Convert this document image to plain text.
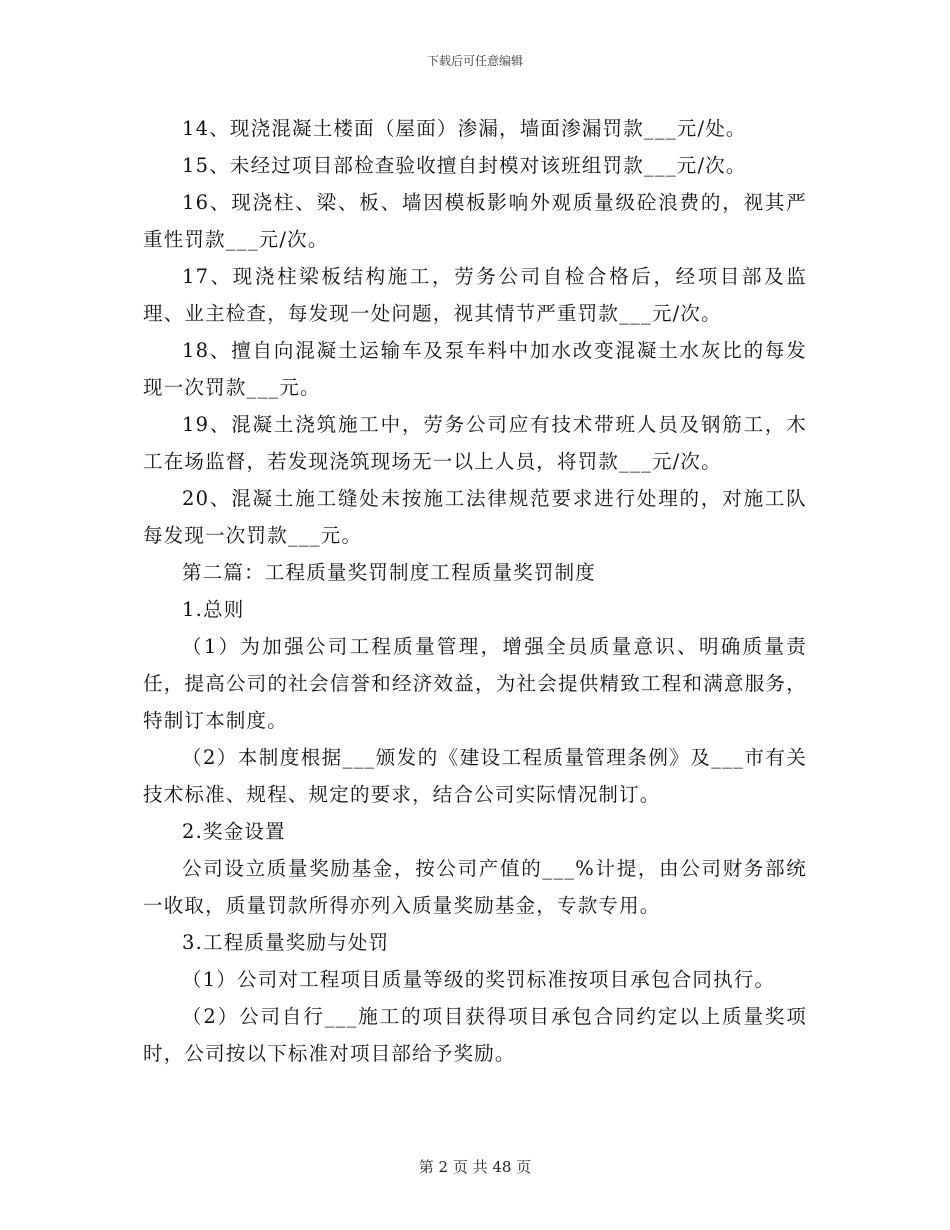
下载后可任意编辑

14、现浇混凝土楼面（屋面）渗漏，墙面渗漏罚款___元/处。

15、未经过项目部检查验收擅自封模对该班组罚款___元/次。

16、现浇柱、梁、板、墙因模板影响外观质量级砼浪费的，视其严重性罚款___元/次。

17、现浇柱梁板结构施工，劳务公司自检合格后，经项目部及监理、业主检查，每发现一处问题，视其情节严重罚款___元/次。

18、擅自向混凝土运输车及泵车料中加水改变混凝土水灰比的每发现一次罚款___元。

19、混凝土浇筑施工中，劳务公司应有技术带班人员及钢筋工，木工在场监督，若发现浇筑现场无一以上人员，将罚款___元/次。

20、混凝土施工缝处未按施工法律规范要求进行处理的，对施工队每发现一次罚款___元。

第二篇：工程质量奖罚制度工程质量奖罚制度

1.总则

（1）为加强公司工程质量管理，增强全员质量意识、明确质量责任，提高公司的社会信誉和经济效益，为社会提供精致工程和满意服务，特制订本制度。

（2）本制度根据___颁发的《建设工程质量管理条例》及___市有关技术标准、规程、规定的要求，结合公司实际情况制订。

2.奖金设置

公司设立质量奖励基金，按公司产值的___%计提，由公司财务部统一收取，质量罚款所得亦列入质量奖励基金，专款专用。

3.工程质量奖励与处罚

（1）公司对工程项目质量等级的奖罚标准按项目承包合同执行。

（2）公司自行___施工的项目获得项目承包合同约定以上质量奖项时，公司按以下标准对项目部给予奖励。

第 2 页 共 48 页
